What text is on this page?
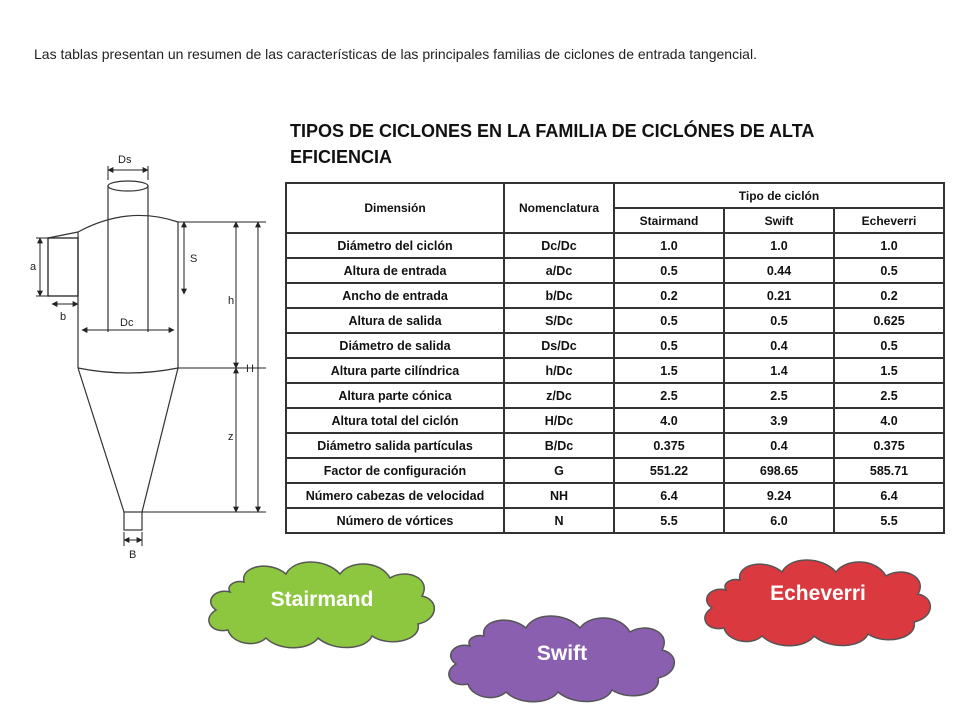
Las tablas presentan un resumen de las características de las principales familias de ciclones de entrada tangencial.
TIPOS DE CICLONES EN LA FAMILIA DE CICLÓNES DE ALTA EFICIENCIA
Ds
a
b
S
h
H
Dc
z
B
Dimensión	Nomenclatura	Tipo de ciclón		
		Stairmand	Swift	Echeverri
Diámetro del ciclón	Dc/Dc	1.0	1.0	1.0
Altura de entrada	a/Dc	0.5	0.44	0.5
Ancho de entrada	b/Dc	0.2	0.21	0.2
Altura de salida	S/Dc	0.5	0.5	0.625
Diámetro de salida	Ds/Dc	0.5	0.4	0.5
Altura parte cilíndrica	h/Dc	1.5	1.4	1.5
Altura parte cónica	z/Dc	2.5	2.5	2.5
Altura total del ciclón	H/Dc	4.0	3.9	4.0
Diámetro salida partículas	B/Dc	0.375	0.4	0.375
Factor de configuración	G	551.22	698.65	585.71
Número cabezas de velocidad	NH	6.4	9.24	6.4
Número de vórtices	N	5.5	6.0	5.5
Stairmand
Swift
Echeverri
